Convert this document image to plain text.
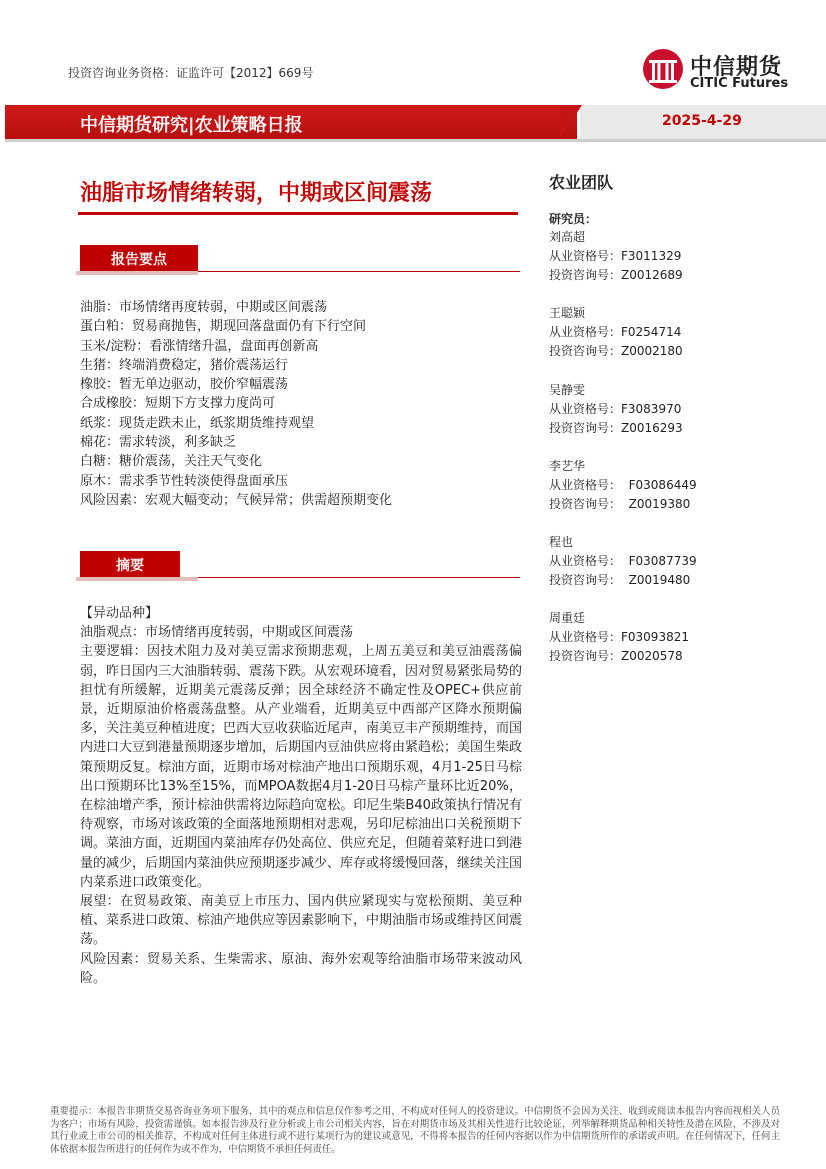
投资咨询业务资格：证监许可【2012】669号	中信期货
CITIC Futures
中信期货研究|农业策略日报	2025-4-29
油脂市场情绪转弱，中期或区间震荡
报告要点
油脂：市场情绪再度转弱，中期或区间震荡
蛋白粕：贸易商抛售，期现回落盘面仍有下行空间
玉米/淀粉：看涨情绪升温，盘面再创新高
生猪：终端消费稳定，猪价震荡运行
橡胶：暂无单边驱动，胶价窄幅震荡
合成橡胶：短期下方支撑力度尚可
纸浆：现货走跌未止，纸浆期货维持观望
棉花：需求转淡，利多缺乏
白糖：糖价震荡，关注天气变化
原木：需求季节性转淡使得盘面承压
风险因素：宏观大幅变动；气候异常；供需超预期变化
摘要

【异动品种】

油脂观点：市场情绪再度转弱，中期或区间震荡

主要逻辑：因技术阻力及对美豆需求预期悲观，上周五美豆和美豆油震荡偏弱，昨日国内三大油脂转弱、震荡下跌。从宏观环境看，因对贸易紧张局势的担忧有所缓解，近期美元震荡反弹；因全球经济不确定性及OPEC+供应前景，近期原油价格震荡盘整。从产业端看，近期美豆中西部产区降水预期偏多，关注美豆种植进度；巴西大豆收获临近尾声，南美豆丰产预期维持，而国内进口大豆到港量预期逐步增加，后期国内豆油供应将由紧趋松；美国生柴政策预期反复。棕油方面，近期市场对棕油产地出口预期乐观，4月1-25日马棕出口预期环比13%至15%，而MPOA数据4月1-20日马棕产量环比近20%，在棕油增产季，预计棕油供需将边际趋向宽松。印尼生柴B40政策执行情况有待观察，市场对该政策的全面落地预期相对悲观，另印尼棕油出口关税预期下调。菜油方面，近期国内菜油库存仍处高位、供应充足，但随着菜籽进口到港量的减少，后期国内菜油供应预期逐步减少、库存或将缓慢回落，继续关注国内菜系进口政策变化。

展望：在贸易政策、南美豆上市压力、国内供应紧现实与宽松预期、美豆种植、菜系进口政策、棕油产地供应等因素影响下，中期油脂市场或维持区间震荡。

风险因素：贸易关系、生柴需求、原油、海外宏观等给油脂市场带来波动风险。

农业团队
研究员：
刘高超
从业资格号：F3011329
投资咨询号：Z0012689
王聪颖
从业资格号：F0254714
投资咨询号：Z0002180
吴静雯
从业资格号：F3083970
投资咨询号：Z0016293
李艺华
从业资格号：  F03086449
投资咨询号：  Z0019380
程也
从业资格号：  F03087739
投资咨询号：  Z0019480
周重廷
从业资格号：F03093821
投资咨询号：Z0020578
重要提示：本报告非期货交易咨询业务项下服务，其中的观点和信息仅作参考之用，不构成对任何人的投资建议。中信期货不会因为关注、收到或阅读本报告内容而视相关人员为客户；市场有风险，投资需谨慎。如本报告涉及行业分析或上市公司相关内容，旨在对期货市场及其相关性进行比较论证，列举解释期货品种相关特性及潜在风险，不涉及对其行业或上市公司的相关推荐，不构成对任何主体进行或不进行某项行为的建议或意见，不得将本报告的任何内容据以作为中信期货所作的承诺或声明。在任何情况下，任何主体依据本报告所进行的任何作为或不作为，中信期货不承担任何责任。
